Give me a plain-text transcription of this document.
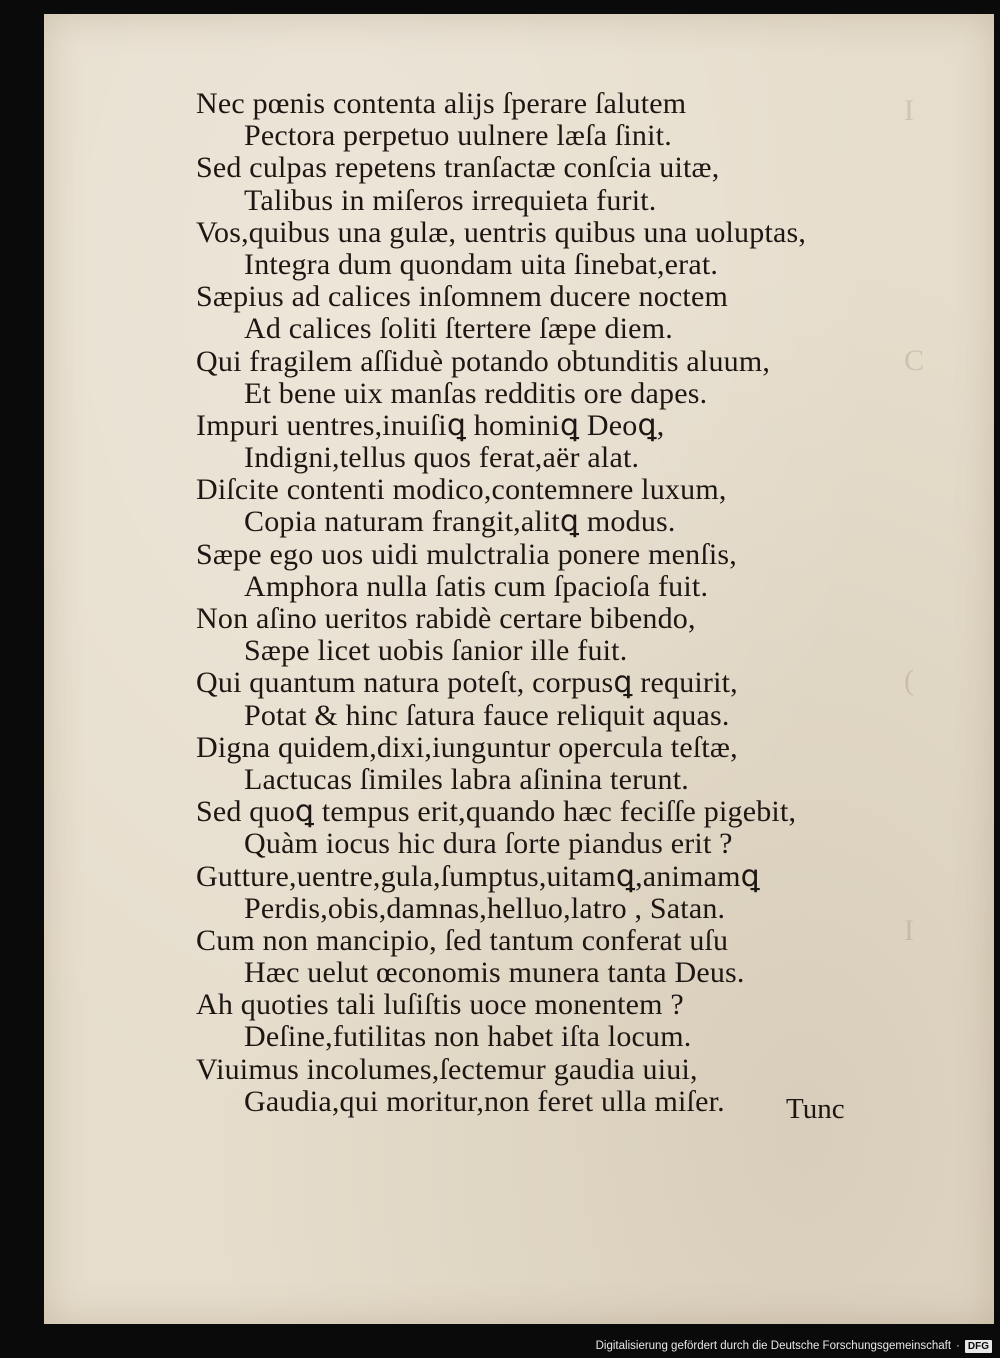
I
C
(
I
Nec pœnis contenta alijs ſperare ſalutem
Pectora perpetuo uulnere læſa ſinit.
Sed culpas repetens tranſactæ conſcia uitæ,
Talibus in miſeros irrequieta furit.
Vos,quibus una gulæ, uentris quibus una uoluptas,
Integra dum quondam uita ſinebat,erat.
Sæpius ad calices inſomnem ducere noctem
Ad calices ſoliti ſtertere ſæpe diem.
Qui fragilem aſſiduè potando obtunditis aluum,
Et bene uix manſas redditis ore dapes.
Impuri uentres,inuiſiꝗ hominiꝗ Deoꝗ,
Indigni,tellus quos ferat,aër alat.
Diſcite contenti modico,contemnere luxum,
Copia naturam frangit,alitꝗ modus.
Sæpe ego uos uidi mulctralia ponere menſis,
Amphora nulla ſatis cum ſpacioſa fuit.
Non aſino ueritos rabidè certare bibendo,
Sæpe licet uobis ſanior ille fuit.
Qui quantum natura poteſt, corpusꝗ requirit,
Potat & hinc ſatura fauce reliquit aquas.
Digna quidem,dixi,iunguntur opercula teſtæ,
Lactucas ſimiles labra aſinina terunt.
Sed quoꝗ tempus erit,quando hæc feciſſe pigebit,
Quàm iocus hic dura ſorte piandus erit ?
Gutture,uentre,gula,ſumptus,uitamꝗ,animamꝗ
Perdis,obis,damnas,helluo,latro , Satan.
Cum non mancipio, ſed tantum conferat uſu
Hæc uelut œconomis munera tanta Deus.
Ah quoties tali luſiſtis uoce monentem ?
Deſine,futilitas non habet iſta locum.
Viuimus incolumes,ſectemur gaudia uiui,
Gaudia,qui moritur,non feret ulla miſer.	Tunc
Digitalisierung gefördert durch die Deutsche Forschungsgemeinschaft · DFG
